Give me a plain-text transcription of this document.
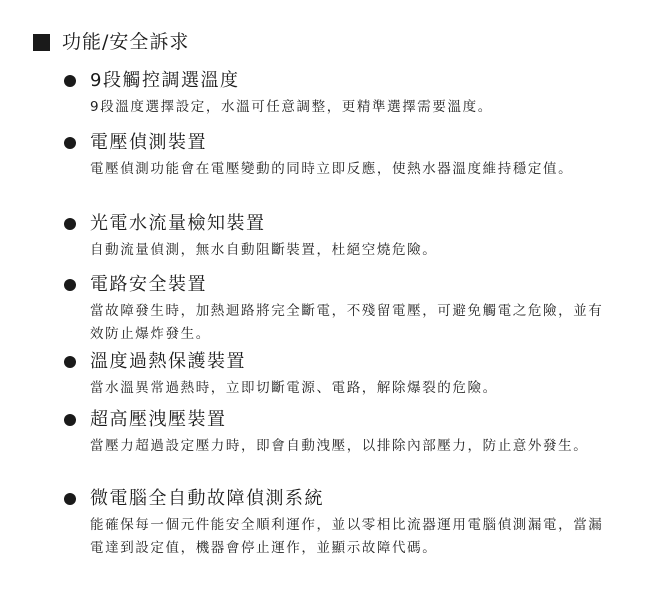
功能/安全訴求
9段觸控調選溫度
9段溫度選擇設定，水溫可任意調整，更精準選擇需要溫度。
電壓偵測裝置
電壓偵測功能會在電壓變動的同時立即反應，使熱水器溫度維持穩定值。
光電水流量檢知裝置
自動流量偵測，無水自動阻斷裝置，杜絕空燒危險。
電路安全裝置
當故障發生時，加熱迴路將完全斷電，不殘留電壓，可避免觸電之危險，並有效防止爆炸發生。
溫度過熱保護裝置
當水溫異常過熱時，立即切斷電源、電路，解除爆裂的危險。
超高壓洩壓裝置
當壓力超過設定壓力時，即會自動洩壓，以排除內部壓力，防止意外發生。
微電腦全自動故障偵測系統
能確保每一個元件能安全順利運作，並以零相比流器運用電腦偵測漏電，當漏電達到設定值，機器會停止運作，並顯示故障代碼。
